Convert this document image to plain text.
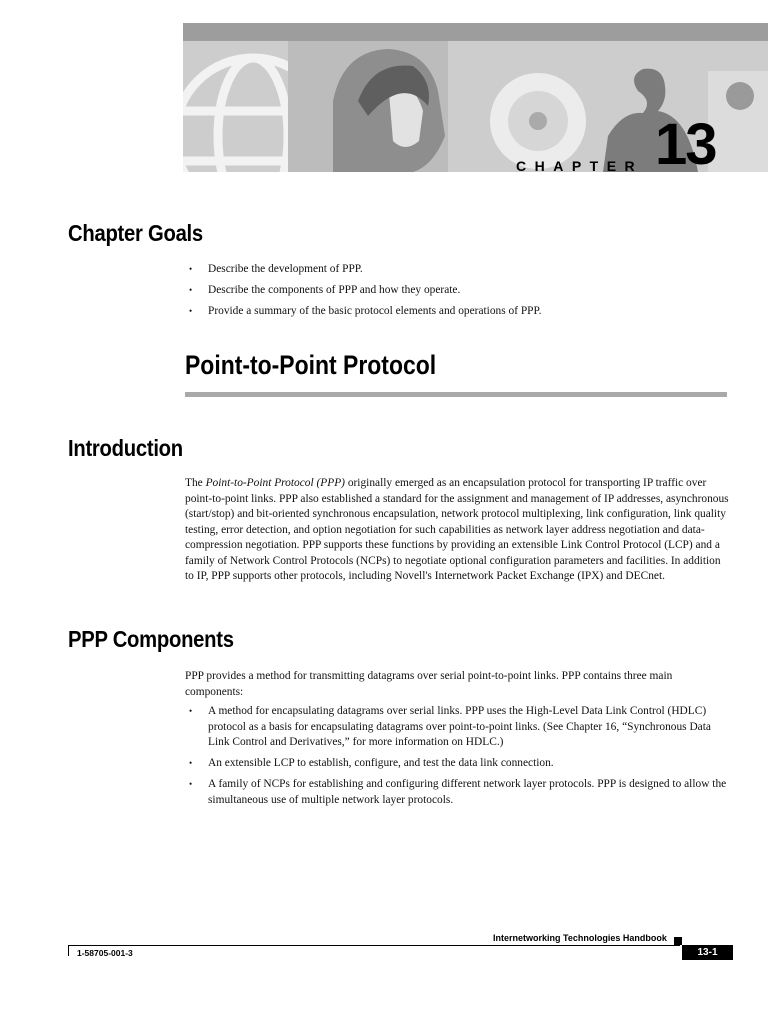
CHAPTER 13
Chapter Goals
• Describe the development of PPP.
• Describe the components of PPP and how they operate.
• Provide a summary of the basic protocol elements and operations of PPP.
Point-to-Point Protocol
Introduction

The Point-to-Point Protocol (PPP) originally emerged as an encapsulation protocol for transporting IP traffic over point-to-point links. PPP also established a standard for the assignment and management of IP addresses, asynchronous (start/stop) and bit-oriented synchronous encapsulation, network protocol multiplexing, link configuration, link quality testing, error detection, and option negotiation for such capabilities as network layer address negotiation and data-compression negotiation. PPP supports these functions by providing an extensible Link Control Protocol (LCP) and a family of Network Control Protocols (NCPs) to negotiate optional configuration parameters and facilities. In addition to IP, PPP supports other protocols, including Novell's Internetwork Packet Exchange (IPX) and DECnet.

PPP Components

PPP provides a method for transmitting datagrams over serial point-to-point links. PPP contains three main components:

• A method for encapsulating datagrams over serial links. PPP uses the High-Level Data Link Control (HDLC) protocol as a basis for encapsulating datagrams over point-to-point links. (See Chapter 16, “Synchronous Data Link Control and Derivatives,” for more information on HDLC.)
• An extensible LCP to establish, configure, and test the data link connection.
• A family of NCPs for establishing and configuring different network layer protocols. PPP is designed to allow the simultaneous use of multiple network layer protocols.
Internetworking Technologies Handbook
1-58705-001-3	13-1
